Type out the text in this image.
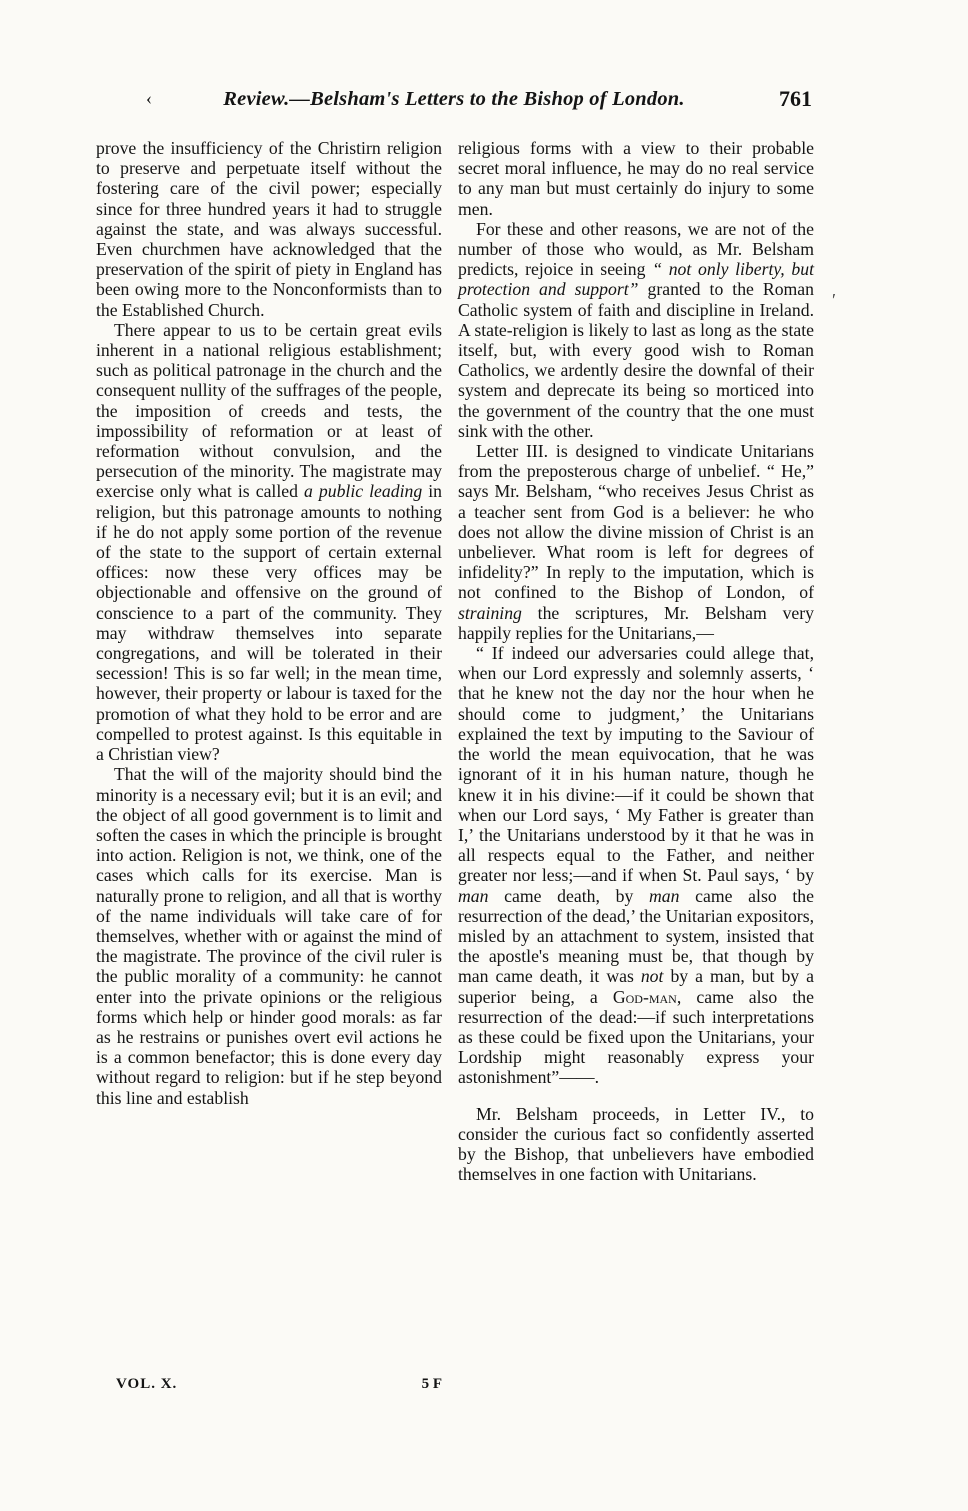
‹	Review.—Belsham's Letters to the Bishop of London.	761

prove the insufficiency of the Christirn religion to preserve and perpetuate itself without the fostering care of the civil power; especially since for three hundred years it had to struggle against the state, and was always successful. Even churchmen have acknowledged that the preservation of the spirit of piety in England has been owing more to the Nonconformists than to the Established Church.

There appear to us to be certain great evils inherent in a national religious establishment; such as political patronage in the church and the consequent nullity of the suffrages of the people, the imposition of creeds and tests, the impossibility of reformation or at least of reformation without convulsion, and the persecution of the minority. The magistrate may exercise only what is called a public leading in religion, but this patronage amounts to nothing if he do not apply some portion of the revenue of the state to the support of certain external offices: now these very offices may be objectionable and offensive on the ground of conscience to a part of the community. They may withdraw themselves into separate congregations, and will be tolerated in their secession! This is so far well; in the mean time, however, their property or labour is taxed for the promotion of what they hold to be error and are compelled to protest against. Is this equitable in a Christian view?

That the will of the majority should bind the minority is a necessary evil; but it is an evil; and the object of all good government is to limit and soften the cases in which the principle is brought into action. Religion is not, we think, one of the cases which calls for its exercise. Man is naturally prone to religion, and all that is worthy of the name individuals will take care of for themselves, whether with or against the mind of the magistrate. The province of the civil ruler is the public morality of a community: he cannot enter into the private opinions or the religious forms which help or hinder good morals: as far as he restrains or punishes overt evil actions he is a common benefactor; this is done every day without regard to religion: but if he step beyond this line and establish

religious forms with a view to their probable secret moral influence, he may do no real service to any man but must certainly do injury to some men.

For these and other reasons, we are not of the number of those who would, as Mr. Belsham predicts, rejoice in seeing “ not only liberty, but protection and support” granted to the Roman Catholic system of faith and discipline in Ireland. A state-religion is likely to last as long as the state itself, but, with every good wish to Roman Catholics, we ardently desire the downfal of their system and deprecate its being so morticed into the government of the country that the one must sink with the other.

Letter III. is designed to vindicate Unitarians from the preposterous charge of unbelief. “ He,” says Mr. Belsham, “who receives Jesus Christ as a teacher sent from God is a believer: he who does not allow the divine mission of Christ is an unbeliever. What room is left for degrees of infidelity?” In reply to the imputation, which is not confined to the Bishop of London, of straining the scriptures, Mr. Belsham very happily replies for the Unitarians,—

“ If indeed our adversaries could allege that, when our Lord expressly and solemnly asserts, ‘ that he knew not the day nor the hour when he should come to judgment,’ the Unitarians explained the text by imputing to the Saviour of the world the mean equivocation, that he was ignorant of it in his human nature, though he knew it in his divine:—if it could be shown that when our Lord says, ‘ My Father is greater than I,’ the Unitarians understood by it that he was in all respects equal to the Father, and neither greater nor less;—and if when St. Paul says, ‘ by man came death, by man came also the resurrection of the dead,’ the Unitarian expositors, misled by an attachment to system, insisted that the apostle's meaning must be, that though by man came death, it was not by a man, but by a superior being, a God-man, came also the resurrection of the dead:—if such interpretations as these could be fixed upon the Unitarians, your Lordship might reasonably express your astonishment”——.

Mr. Belsham proceeds, in Letter IV., to consider the curious fact so confidently asserted by the Bishop, that unbelievers have embodied themselves in one faction with Unitarians.

VOL. X.	5 F
′
